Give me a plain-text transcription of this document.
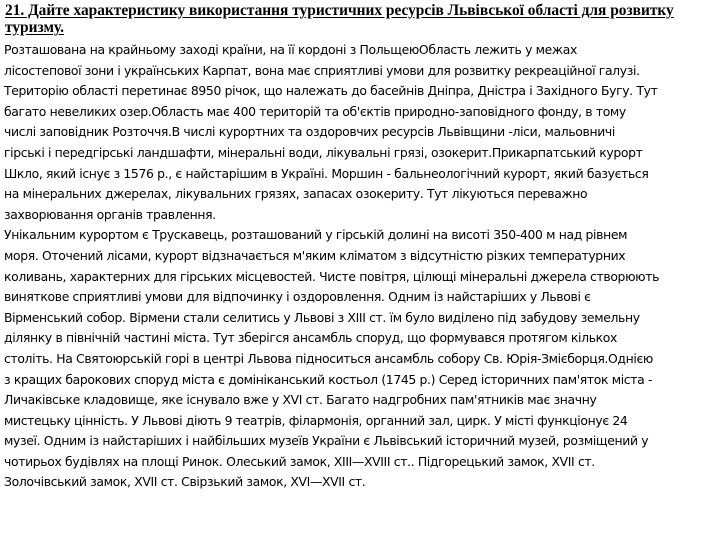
21. Дайте характеристику використання туристичних ресурсів Львівської області для розвитку
туризму.
Розташована на крайньому заході країни, на її кордоні з ПольщеюОбласть лежить у межах
лісостепової зони і українських Карпат, вона має сприятливі умови для розвитку рекреаційної галузі.
Територію області перетинає 8950 річок, що належать до басейнів Дніпра, Дністра і Західного Бугу. Тут
багато невеликих озер.Область має 400 територій та об'єктів природно-заповідного фонду, в тому
числі заповідник Розточчя.В числі курортних та оздоровчих ресурсів Львівщини -ліси, мальовничі
гірські і передгірські ландшафти, мінеральні води, лікувальні грязі, озокерит.Прикарпатський курорт
Шкло, який існує з 1576 р., є найстарішим в Україні. Моршин - бальнеологічний курорт, який базується
на мінеральних джерелах, лікувальних грязях, запасах озокериту. Тут лікуються переважно
захворювання органів травлення.
Унікальним курортом є Трускавець, розташований у гірській долині на висоті 350-400 м над рівнем
моря. Оточений лісами, курорт відзначається м'яким кліматом з відсутністю різких температурних
коливань, характерних для гірських місцевостей. Чисте повітря, цілющі мінеральні джерела створюють
виняткове сприятливі умови для відпочинку і оздоровлення. Одним із найстаріших у Львові є
Вірменський собор. Вірмени стали селитись у Львові з XIII ст. їм було виділено під забудову земельну
ділянку в північній частині міста. Тут зберігся ансамбль споруд, що формувався протягом кількох
століть. На Святоюрській горі в центрі Львова підноситься ансамбль собору Св. Юрія-Змієборця.Однією
з кращих барокових споруд міста є домініканський костьол (1745 р.) Серед історичних пам'яток міста -
Личаківське кладовище, яке існувало вже у XVI ст. Багато надгробних пам'ятників має значну
мистецьку цінність. У Львові діють 9 театрів, філармонія, органний зал, цирк. У місті функціонує 24
музеї. Одним із найстаріших і найбільших музеїв України є Львівський історичний музей, розміщений у
чотирьох будівлях на площі Ринок. Олеський замок, XIII—XVIII ст.. Підгорецький замок, XVII ст.
Золочівський замок, XVII ст. Свірзький замок, XVI—XVII ст.
